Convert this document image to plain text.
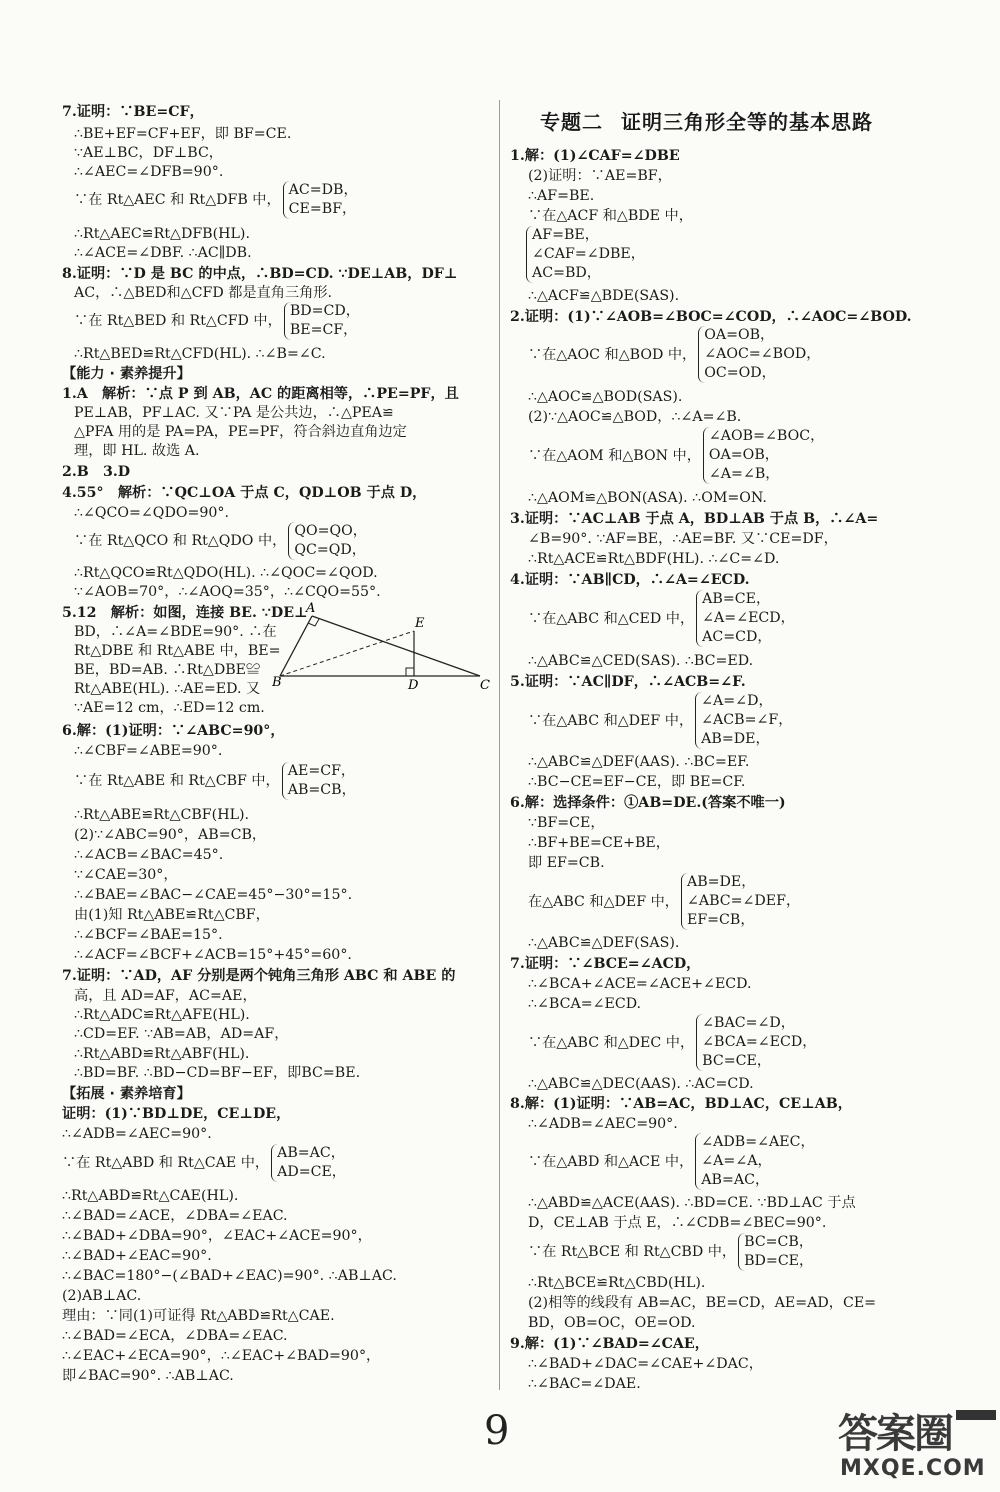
7.证明：∵BE=CF，
∴BE+EF=CF+EF，即 BF=CE.
∵AE⊥BC，DF⊥BC，
∴∠AEC=∠DFB=90°.
∵在 Rt△AEC 和 Rt△DFB 中，
AC=DB，
CE=BF，
∴Rt△AEC≌Rt△DFB(HL).
∴∠ACE=∠DBF. ∴AC∥DB.
8.证明：∵D 是 BC 的中点，∴BD=CD. ∵DE⊥AB，DF⊥
AC，∴△BED和△CFD 都是直角三角形.
∵在 Rt△BED 和 Rt△CFD 中，
BD=CD，
BE=CF，
∴Rt△BED≌Rt△CFD(HL). ∴∠B=∠C.
【能力 · 素养提升】
1.A　解析：∵点 P 到 AB，AC 的距离相等，∴PE=PF，且
PE⊥AB，PF⊥AC. 又∵PA 是公共边，∴△PEA≌
△PFA 用的是 PA=PA，PE=PF，符合斜边直角边定
理，即 HL. 故选 A.
2.B　3.D
4.55°　解析：∵QC⊥OA 于点 C，QD⊥OB 于点 D，
∴∠QCO=∠QDO=90°.
∵在 Rt△QCO 和 Rt△QDO 中，
QO=QO，
QC=QD，
∴Rt△QCO≌Rt△QDO(HL). ∴∠QOC=∠QOD.
∵∠AOB=70°，∴∠AOQ=35°，∴∠CQO=55°.
5.12　解析：如图，连接 BE. ∵DE⊥
BD，∴∠A=∠BDE=90°. ∴在
Rt△DBE 和 Rt△ABE 中，BE=
BE，BD=AB. ∴Rt△DBE≌
Rt△ABE(HL). ∴AE=ED. 又
∵AE=12 cm，∴ED=12 cm.
6.解：(1)证明：∵∠ABC=90°，
∴∠CBF=∠ABE=90°.
∵在 Rt△ABE 和 Rt△CBF 中，
AE=CF，
AB=CB，
∴Rt△ABE≌Rt△CBF(HL).
(2)∵∠ABC=90°，AB=CB，
∴∠ACB=∠BAC=45°.
∵∠CAE=30°，
∴∠BAE=∠BAC−∠CAE=45°−30°=15°.
由(1)知 Rt△ABE≌Rt△CBF，
∴∠BCF=∠BAE=15°.
∴∠ACF=∠BCF+∠ACB=15°+45°=60°.
7.证明：∵AD，AF 分别是两个钝角三角形 ABC 和 ABE 的
高，且 AD=AF，AC=AE，
∴Rt△ADC≌Rt△AFE(HL).
∴CD=EF. ∵AB=AB，AD=AF，
∴Rt△ABD≌Rt△ABF(HL).
∴BD=BF. ∴BD−CD=BF−EF，即BC=BE.
【拓展 · 素养培育】
证明：(1)∵BD⊥DE，CE⊥DE，
∴∠ADB=∠AEC=90°.
∵在 Rt△ABD 和 Rt△CAE 中，
AB=AC，
AD=CE，
∴Rt△ABD≌Rt△CAE(HL).
∴∠BAD=∠ACE，∠DBA=∠EAC.
∴∠BAD+∠DBA=90°，∠EAC+∠ACE=90°，
∴∠BAD+∠EAC=90°.
∴∠BAC=180°−(∠BAD+∠EAC)=90°. ∴AB⊥AC.
(2)AB⊥AC.
理由：∵同(1)可证得 Rt△ABD≌Rt△CAE.
∴∠BAD=∠ECA，∠DBA=∠EAC.
∴∠EAC+∠ECA=90°，∴∠EAC+∠BAD=90°，
即∠BAC=90°. ∴AB⊥AC.
专题二 证明三角形全等的基本思路
1.解：(1)∠CAF=∠DBE
(2)证明：∵AE=BF，
∴AF=BE.
∵在△ACF 和△BDE 中，
AF=BE，
∠CAF=∠DBE，
AC=BD，
∴△ACF≌△BDE(SAS).
2.证明：(1)∵∠AOB=∠BOC=∠COD，∴∠AOC=∠BOD.
∵在△AOC 和△BOD 中，
OA=OB，
∠AOC=∠BOD，
OC=OD，
∴△AOC≌△BOD(SAS).
(2)∵△AOC≌△BOD，∴∠A=∠B.
∵在△AOM 和△BON 中，
∠AOB=∠BOC，
OA=OB，
∠A=∠B，
∴△AOM≌△BON(ASA). ∴OM=ON.
3.证明：∵AC⊥AB 于点 A，BD⊥AB 于点 B，∴∠A=
∠B=90°. ∵AF=BE，∴AE=BF. 又∵CE=DF，
∴Rt△ACE≌Rt△BDF(HL). ∴∠C=∠D.
4.证明：∵AB∥CD，∴∠A=∠ECD.
∵在△ABC 和△CED 中，
AB=CE，
∠A=∠ECD，
AC=CD，
∴△ABC≌△CED(SAS). ∴BC=ED.
5.证明：∵AC∥DF，∴∠ACB=∠F.
∵在△ABC 和△DEF 中，
∠A=∠D，
∠ACB=∠F，
AB=DE，
∴△ABC≌△DEF(AAS). ∴BC=EF.
∴BC−CE=EF−CE，即 BE=CF.
6.解：选择条件：①AB=DE.(答案不唯一)
∵BF=CE，
∴BF+BE=CE+BE，
即 EF=CB.
在△ABC 和△DEF 中，
AB=DE，
∠ABC=∠DEF，
EF=CB，
∴△ABC≌△DEF(SAS).
7.证明：∵∠BCE=∠ACD，
∴∠BCA+∠ACE=∠ACE+∠ECD.
∴∠BCA=∠ECD.
∵在△ABC 和△DEC 中，
∠BAC=∠D，
∠BCA=∠ECD，
BC=CE，
∴△ABC≌△DEC(AAS). ∴AC=CD.
8.解：(1)证明：∵AB=AC，BD⊥AC，CE⊥AB，
∴∠ADB=∠AEC=90°.
∵在△ABD 和△ACE 中，
∠ADB=∠AEC，
∠A=∠A，
AB=AC，
∴△ABD≌△ACE(AAS). ∴BD=CE. ∵BD⊥AC 于点
D，CE⊥AB 于点 E，∴∠CDB=∠BEC=90°.
∵在 Rt△BCE 和 Rt△CBD 中，
BC=CB，
BD=CE，
∴Rt△BCE≌Rt△CBD(HL).
(2)相等的线段有 AB=AC，BE=CD，AE=AD，CE=
BD，OB=OC，OE=OD.
9.解：(1)∵∠BAD=∠CAE，
∴∠BAD+∠DAC=∠CAE+∠DAC，
∴∠BAC=∠DAE.
A
E
B	D	C
9	答案圈
MXQE.COM
